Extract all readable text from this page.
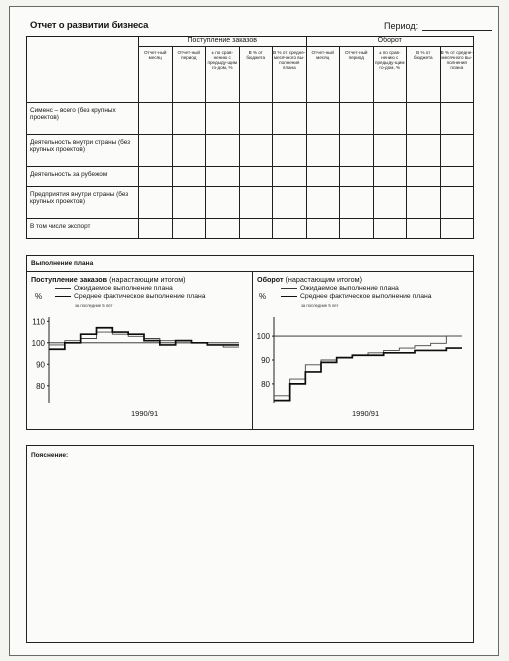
Отчет о развитии бизнеса	Период:
	Поступление заказов					Оборот				
	Отчет-ный месяц	Отчет-ный период	± по срав-нению с предыду-щим го-дом, %	В % от бюджета	В % от средне-месячного вы-полнения плана	Отчет-ный месяц	Отчет-ный период	± по срав-нению с предыду-щим го-дом, %	В % от бюджета	В % от средне-месячного вы-полнения плана
Сименс – всего (без крупных проектов)										
Деятельность внутри страны (без крупных проектов)										
Деятельность за рубежом										
Предприятия внутри страны (без крупных проектов)										
В том числе экспорт										
Выполнение плана
Поступление заказов (нарастающим итогом)
Ожидаемое выполнение плана
%	Среднее фактическое выполнение плана
за последние 5 лет
80
90
100
110
1990/91
Оборот (нарастающим итогом)
Ожидаемое выполнение плана
%	Среднее фактическое выполнение плана
за последние 5 лет
80
90
100
1990/91
Пояснение:
